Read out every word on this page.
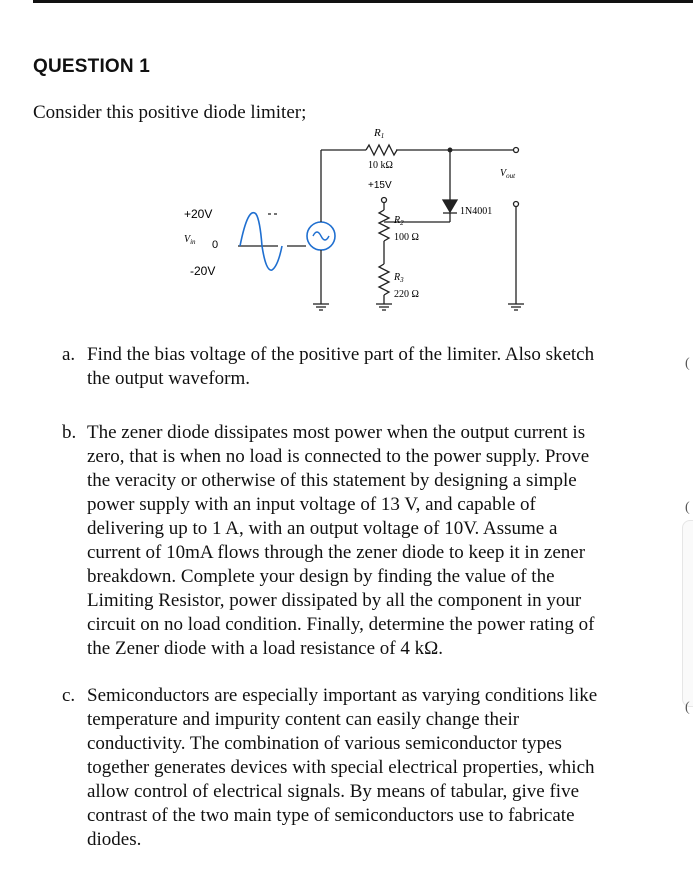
QUESTION 1
Consider this positive diode limiter;
R1
10 kΩ
+15V
$R_2$
100 Ω
$R_3$
220 Ω
1N4001
$V_{out}$
+20V
$V_{in}$ 0
-20V
a. Find the bias voltage of the positive part of the limiter. Also sketch
the output waveform.
(
b. The zener diode dissipates most power when the output current is
zero, that is when no load is connected to the power supply. Prove
the veracity or otherwise of this statement by designing a simple
power supply with an input voltage of 13 V, and capable of
delivering up to 1 A, with an output voltage of 10V. Assume a
current of 10mA flows through the zener diode to keep it in zener
breakdown. Complete your design by finding the value of the
Limiting Resistor, power dissipated by all the component in your
circuit on no load condition. Finally, determine the power rating of
the Zener diode with a load resistance of 4 kΩ.
(
c. Semiconductors are especially important as varying conditions like
temperature and impurity content can easily change their
conductivity. The combination of various semiconductor types
together generates devices with special electrical properties, which
allow control of electrical signals. By means of tabular, give five
contrast of the two main type of semiconductors use to fabricate
diodes.
(
